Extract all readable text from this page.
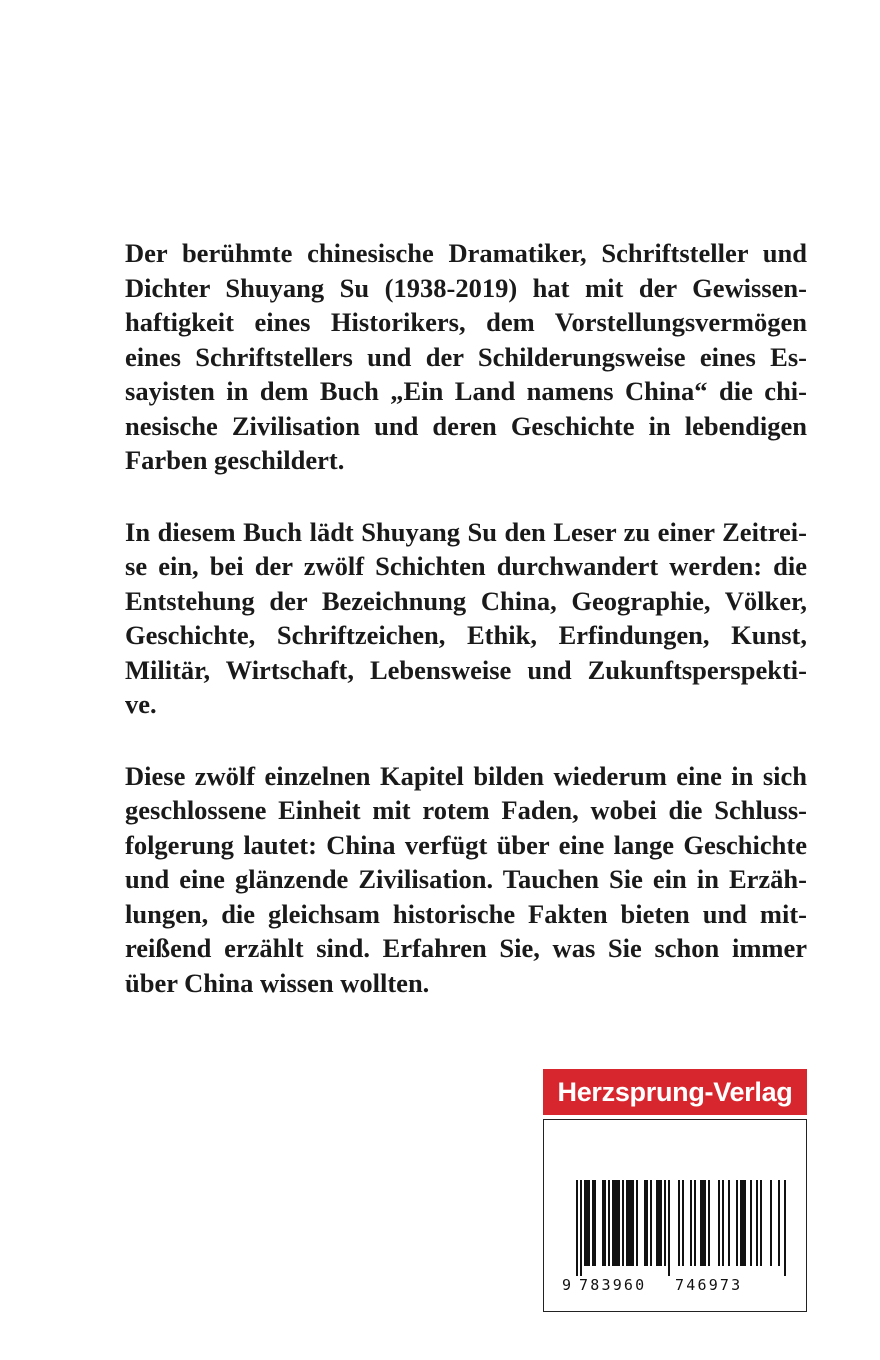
Der berühmte chinesische Dramatiker, Schriftsteller und
Dichter Shuyang Su (1938-2019) hat mit der Gewissen-
haftigkeit eines Historikers, dem Vorstellungsvermögen
eines Schriftstellers und der Schilderungsweise eines Es-
sayisten in dem Buch „Ein Land namens China“ die chi-
nesische Zivilisation und deren Geschichte in lebendigen
Farben geschildert.

In diesem Buch lädt Shuyang Su den Leser zu einer Zeitrei-
se ein, bei der zwölf Schichten durchwandert werden: die
Entstehung der Bezeichnung China, Geographie, Völker,
Geschichte, Schriftzeichen, Ethik, Erfindungen, Kunst,
Militär, Wirtschaft, Lebensweise und Zukunftsperspekti-
ve.

Diese zwölf einzelnen Kapitel bilden wiederum eine in sich
geschlossene Einheit mit rotem Faden, wobei die Schluss-
folgerung lautet: China verfügt über eine lange Geschichte
und eine glänzende Zivilisation. Tauchen Sie ein in Erzäh-
lungen, die gleichsam historische Fakten bieten und mit-
reißend erzählt sind. Erfahren Sie, was Sie schon immer
über China wissen wollten.

Herzsprung-Verlag
9 783960 746973
